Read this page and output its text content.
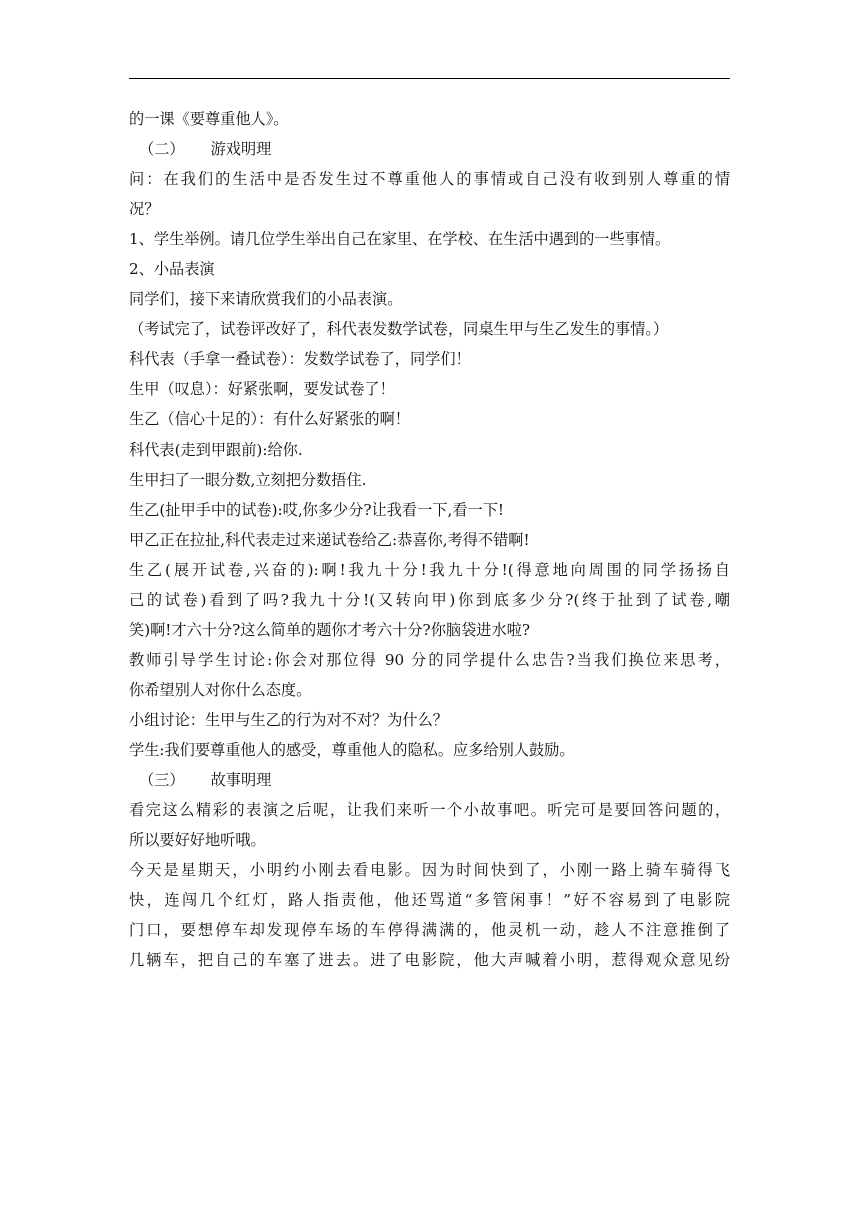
的一课《要尊重他人》。
（二） 游戏明理
问：在我们的生活中是否发生过不尊重他人的事情或自己没有收到别人尊重的情
况？
1、学生举例。请几位学生举出自己在家里、在学校、在生活中遇到的一些事情。
2、小品表演
同学们，接下来请欣赏我们的小品表演。
（考试完了，试卷评改好了，科代表发数学试卷，同桌生甲与生乙发生的事情。）
科代表（手拿一叠试卷）：发数学试卷了，同学们！
生甲（叹息）：好紧张啊，要发试卷了！
生乙（信心十足的）：有什么好紧张的啊！
科代表(走到甲跟前):给你.
生甲扫了一眼分数,立刻把分数捂住.
生乙(扯甲手中的试卷):哎,你多少分?让我看一下,看一下!
甲乙正在拉扯,科代表走过来递试卷给乙:恭喜你,考得不错啊!
生乙(展开试卷,兴奋的):啊!我九十分!我九十分!(得意地向周围的同学扬扬自
己的试卷)看到了吗?我九十分!(又转向甲)你到底多少分?(终于扯到了试卷,嘲
笑)啊!才六十分?这么简单的题你才考六十分?你脑袋进水啦?
教师引导学生讨论:你会对那位得 90 分的同学提什么忠告?当我们换位来思考，
你希望别人对你什么态度。
小组讨论：生甲与生乙的行为对不对？为什么？
学生:我们要尊重他人的感受，尊重他人的隐私。应多给别人鼓励。
（三） 故事明理
看完这么精彩的表演之后呢，让我们来听一个小故事吧。听完可是要回答问题的，
所以要好好地听哦。
今天是星期天，小明约小刚去看电影。因为时间快到了，小刚一路上骑车骑得飞
快，连闯几个红灯，路人指责他，他还骂道“多管闲事！”好不容易到了电影院
门口，要想停车却发现停车场的车停得满满的，他灵机一动，趁人不注意推倒了
几辆车，把自己的车塞了进去。进了电影院，他大声喊着小明，惹得观众意见纷
